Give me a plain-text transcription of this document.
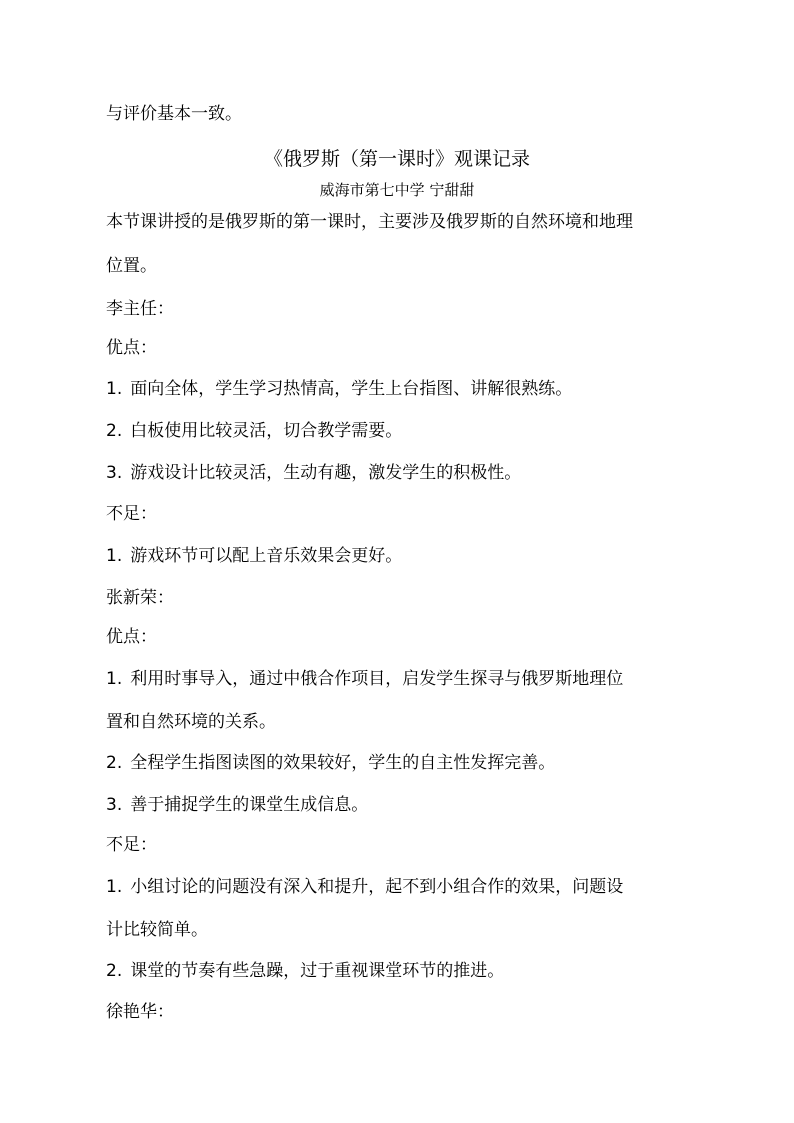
与评价基本一致。
《俄罗斯（第一课时》观课记录
威海市第七中学 宁甜甜
本节课讲授的是俄罗斯的第一课时，主要涉及俄罗斯的自然环境和地理
位置。
李主任：
优点：
1. 面向全体，学生学习热情高，学生上台指图、讲解很熟练。
2. 白板使用比较灵活，切合教学需要。
3. 游戏设计比较灵活，生动有趣，激发学生的积极性。
不足：
1. 游戏环节可以配上音乐效果会更好。
张新荣：
优点：
1. 利用时事导入，通过中俄合作项目，启发学生探寻与俄罗斯地理位
置和自然环境的关系。
2. 全程学生指图读图的效果较好，学生的自主性发挥完善。
3. 善于捕捉学生的课堂生成信息。
不足：
1. 小组讨论的问题没有深入和提升，起不到小组合作的效果，问题设
计比较简单。
2. 课堂的节奏有些急躁，过于重视课堂环节的推进。
徐艳华：
